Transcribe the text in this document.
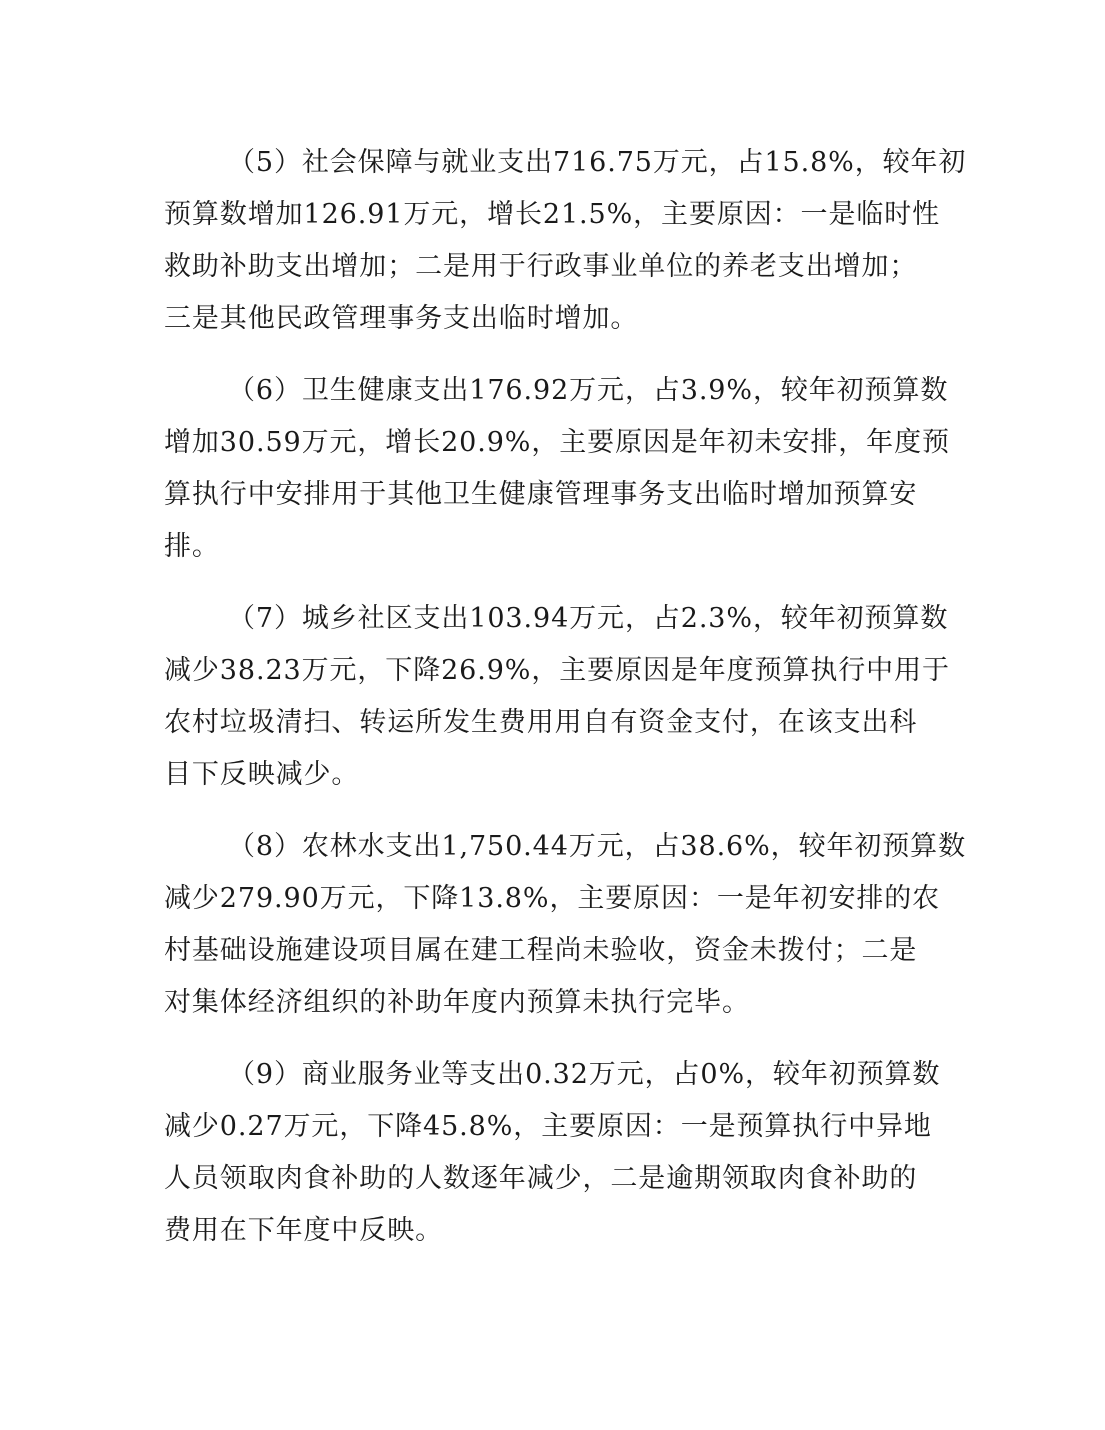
（5）社会保障与就业支出716.75万元，占15.8%，较年初
预算数增加126.91万元，增长21.5%，主要原因：一是临时性
救助补助支出增加；二是用于行政事业单位的养老支出增加；
三是其他民政管理事务支出临时增加。
（6）卫生健康支出176.92万元，占3.9%，较年初预算数
增加30.59万元，增长20.9%，主要原因是年初未安排，年度预
算执行中安排用于其他卫生健康管理事务支出临时增加预算安
排。
（7）城乡社区支出103.94万元，占2.3%，较年初预算数
减少38.23万元，下降26.9%，主要原因是年度预算执行中用于
农村垃圾清扫、转运所发生费用用自有资金支付，在该支出科
目下反映减少。
（8）农林水支出1,750.44万元，占38.6%，较年初预算数
减少279.90万元，下降13.8%，主要原因：一是年初安排的农
村基础设施建设项目属在建工程尚未验收，资金未拨付；二是
对集体经济组织的补助年度内预算未执行完毕。
（9）商业服务业等支出0.32万元，占0%，较年初预算数
减少0.27万元，下降45.8%，主要原因：一是预算执行中异地
人员领取肉食补助的人数逐年减少，二是逾期领取肉食补助的
费用在下年度中反映。
